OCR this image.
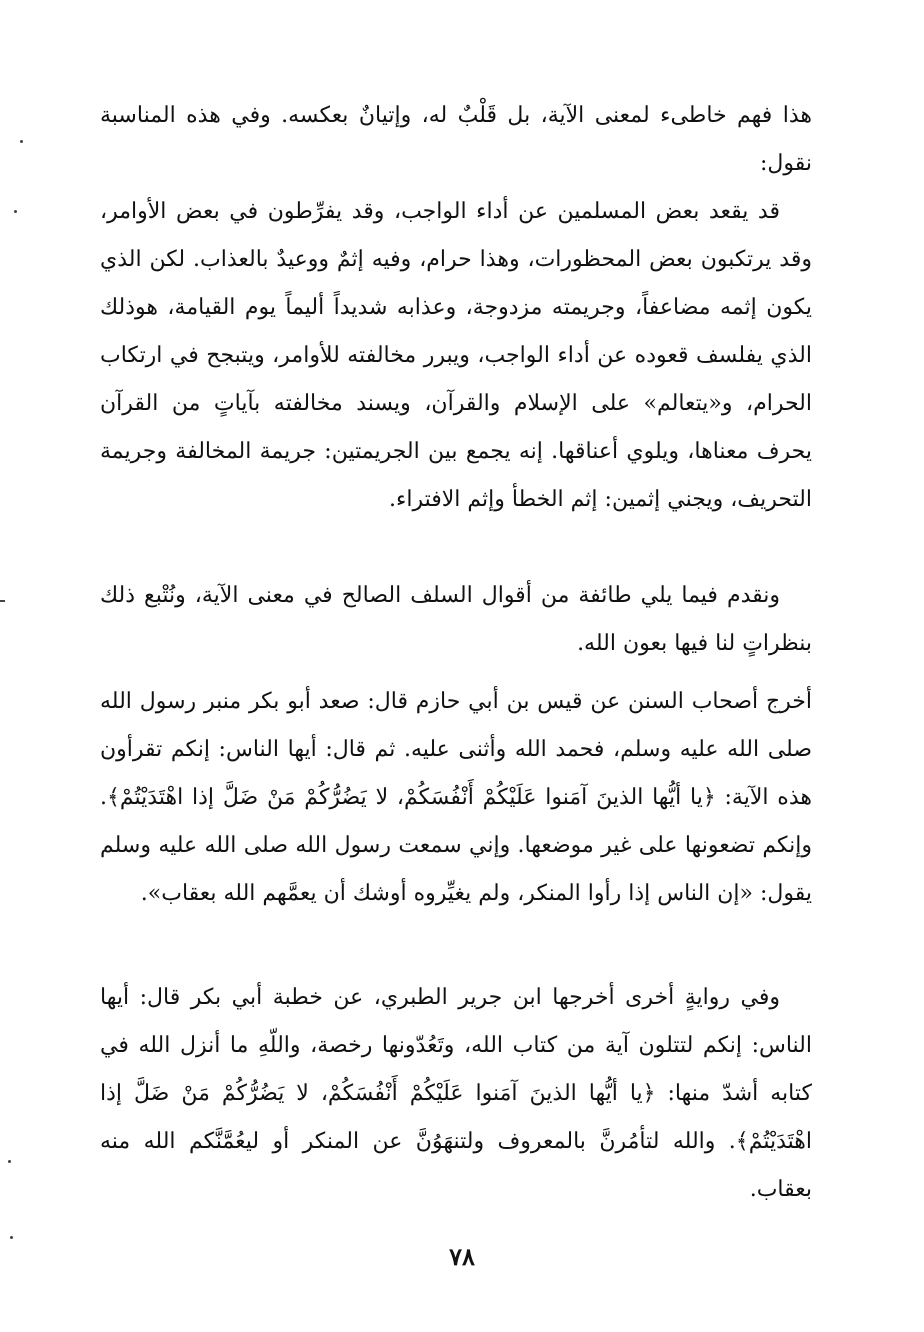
هذا فهم خاطىء لمعنى الآية، بل قَلْبٌ له، وإتيانٌ بعكسه. وفي هذه المناسبة نقول:

قد يقعد بعض المسلمين عن أداء الواجب، وقد يفرِّطون في بعض الأوامر، وقد يرتكبون بعض المحظورات، وهذا حرام، وفيه إثمٌ ووعيدٌ بالعذاب. لكن الذي يكون إثمه مضاعفاً، وجريمته مزدوجة، وعذابه شديداً أليماً يوم القيامة، هوذلك الذي يفلسف قعوده عن أداء الواجب، ويبرر مخالفته للأوامر، ويتبجح في ارتكاب الحرام، و«يتعالم» على الإسلام والقرآن، ويسند مخالفته بآياتٍ من القرآن يحرف معناها، ويلوي أعناقها. إنه يجمع بين الجريمتين: جريمة المخالفة وجريمة التحريف، ويجني إثمين: إثم الخطأ وإثم الافتراء.

ونقدم فيما يلي طائفة من أقوال السلف الصالح في معنى الآية، ونُتْبع ذلك بنظراتٍ لنا فيها بعون الله.

أخرج أصحاب السنن عن قيس بن أبي حازم قال: صعد أبو بكر منبر رسول الله صلى الله عليه وسلم، فحمد الله وأثنى عليه. ثم قال: أيها الناس: إنكم تقرأون هذه الآية: ﴿يا أيُّها الذينَ آمَنوا عَلَيْكُمْ أَنْفُسَكُمْ، لا يَضُرُّكُمْ مَنْ ضَلَّ إذا اهْتَدَيْتُمْ﴾. وإنكم تضعونها على غير موضعها. وإني سمعت رسول الله صلى الله عليه وسلم يقول: «إن الناس إذا رأوا المنكر، ولم يغيِّروه أوشك أن يعمَّهم الله بعقاب».

وفي روايةٍ أخرى أخرجها ابن جرير الطبري، عن خطبة أبي بكر قال: أيها الناس: إنكم لتتلون آية من كتاب الله، وتَعُدّونها رخصة، واللّهِ ما أنزل الله في كتابه أشدّ منها: ﴿يا أيُّها الذينَ آمَنوا عَلَيْكُمْ أَنْفُسَكُمْ، لا يَضُرُّكُمْ مَنْ ضَلَّ إذا اهْتَدَيْتُمْ﴾. والله لتأمُرنَّ بالمعروف ولتنهَوُنَّ عن المنكر أو ليعُمَّنَّكم الله منه بعقاب.

٧٨
